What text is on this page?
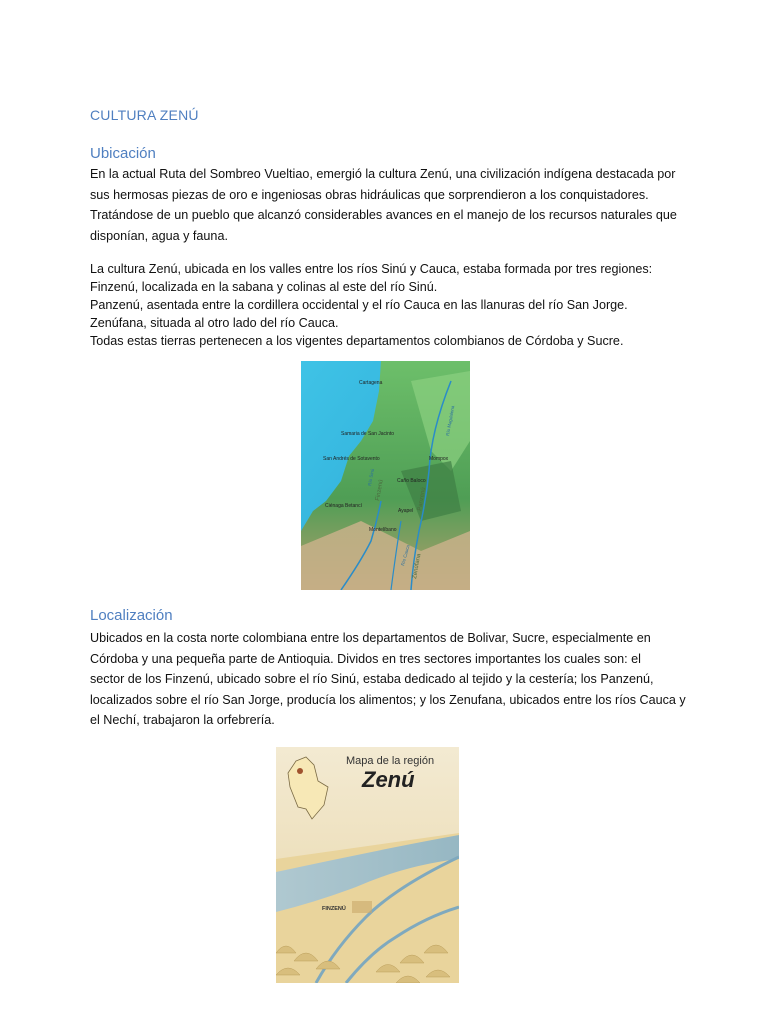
CULTURA ZENÚ
Ubicación

En la actual Ruta del Sombreo Vueltiao, emergió la cultura Zenú, una civilización indígena destacada por

sus hermosas piezas de oro e ingeniosas obras hidráulicas que sorprendieron a los conquistadores.

Tratándose de un pueblo que alcanzó considerables avances en el manejo de los recursos naturales que

disponían, agua y fauna.

La cultura Zenú, ubicada en los valles entre los ríos Sinú y Cauca, estaba formada por tres regiones:

Finzenú, localizada en la sabana y colinas al este del río Sinú.

Panzenú, asentada entre la cordillera occidental y el río Cauca en las llanuras del río San Jorge.

Zenúfana, situada al otro lado del río Cauca.

Todas estas tierras pertenecen a los vigentes departamentos colombianos de Córdoba y Sucre.

Cartagena
Samaria de San Jacinto
San Andrés de Sotavento	Mompox
Caño Baloco
Ciénaga Betancí
Ayapel
Montelíbano
Finzenú	Panzenú
Zenúfana
Río Sinú
Río Cauca
Río Magdalena
Localización

Ubicados en la costa norte colombiana entre los departamentos de Bolivar, Sucre, especialmente en

Córdoba y una pequeña parte de Antioquia. Dividos en tres sectores importantes los cuales son: el

sector de los Finzenú, ubicado sobre el río Sinú, estaba dedicado al tejido y la cestería; los Panzenú,

localizados sobre el río San Jorge, producía los alimentos; y los Zenufana, ubicados entre los ríos Cauca y

el Nechí, trabajaron la orfebrería.

Mapa de la región
Zenú
FINZENÚ
